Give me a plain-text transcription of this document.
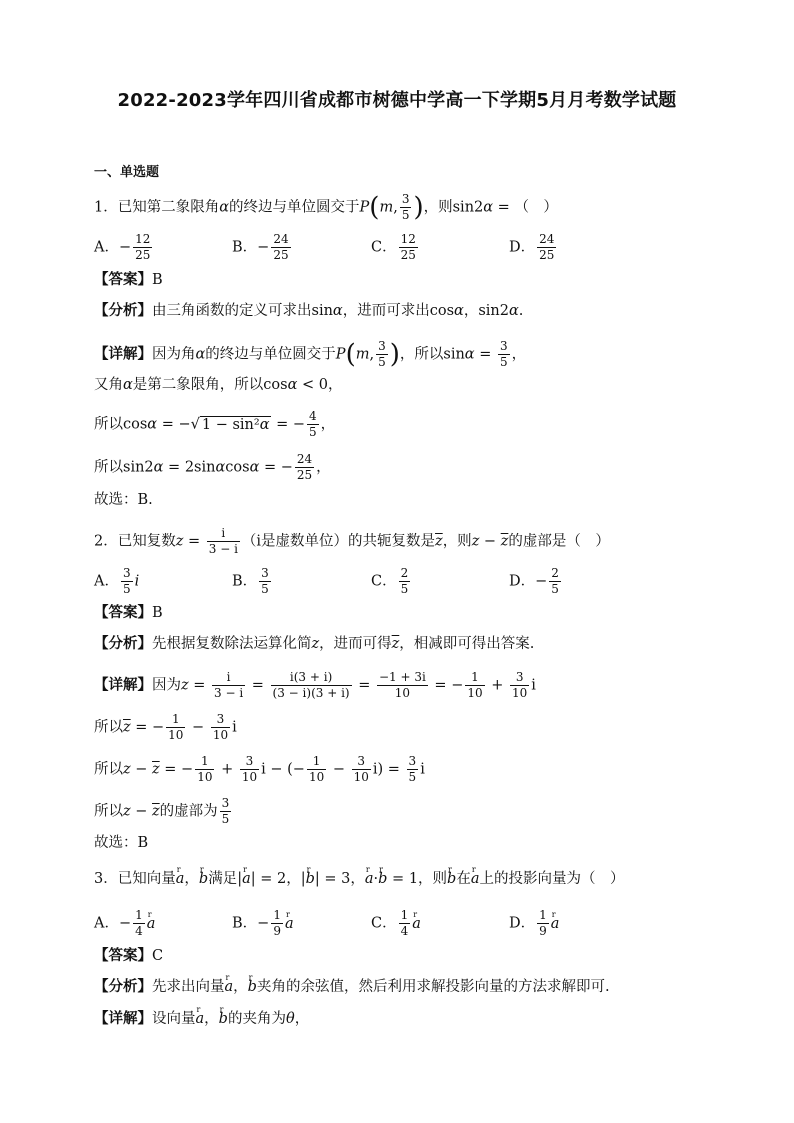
2022-2023学年四川省成都市树德中学高一下学期5月月考数学试题
一、单选题
1．已知第二象限角α的终边与单位圆交于P(m, $\frac{3}{5}$ )，则sin2α = （　）
A．− $\frac{12}{25}$	B．− $\frac{24}{25}$	C． $\frac{12}{25}$	D． $\frac{24}{25}$
【答案】B
【分析】由三角函数的定义可求出sinα，进而可求出cosα，sin2α.
【详解】因为角α的终边与单位圆交于P(m, $\frac{3}{5}$ )，所以$\sin\alpha = \frac{3}{5}$ ，
又角α是第二象限角，所以cosα < 0，
所以cosα = −√ 1 − sin²α = − $\frac{4}{5}$ ，
所以sin2α = 2sinαcosα = − $\frac{24}{25}$ ，
故选：B.
2．已知复数$z = \frac{i}{3 - i} (i$是虚数单位）的共轭复数是$\overline{z}$，则$z - \overline{z}$的虚部是（　）
A． $\frac{3}{5}$ i	B． $\frac{3}{5}$	C． $\frac{2}{5}$	D．− $\frac{2}{5}$
【答案】B
【分析】先根据复数除法运算化简z，进而可得$\overline{z}$，相减即可得出答案.
【详解】因为$z = \frac{i}{3 - i} = \frac{i(3 + i)}{(3 - i)(3 + i)} = \frac{-1 + 3i}{10}$ = − $\frac{1}{10} + \frac{3}{10}$ i
所以$\overline{z}$ = − $\frac{1}{10} - \frac{3}{10}$ i
所以$z - \overline{z}$ = − $\frac{1}{10} + \frac{3}{10}$ i − (− $\frac{1}{10} - \frac{3}{10} i) = \frac{3}{5}$ i
所以$z - \overline{z}$的虚部为 $\frac{3}{5}$
故选：B
3．已知向量r a，r b满足|r a| = 2，|r b| = 3，r a·r b = 1，则r b在r a上的投影向量为（　）
A．− $\frac{1}{4}$ r a	B．− $\frac{1}{9}$ r a	C． $\frac{1}{4}$ r a	D． $\frac{1}{9}$ r a
【答案】C
【分析】先求出向量r a，r b夹角的余弦值，然后利用求解投影向量的方法求解即可.
【详解】设向量r a，r b的夹角为θ，
